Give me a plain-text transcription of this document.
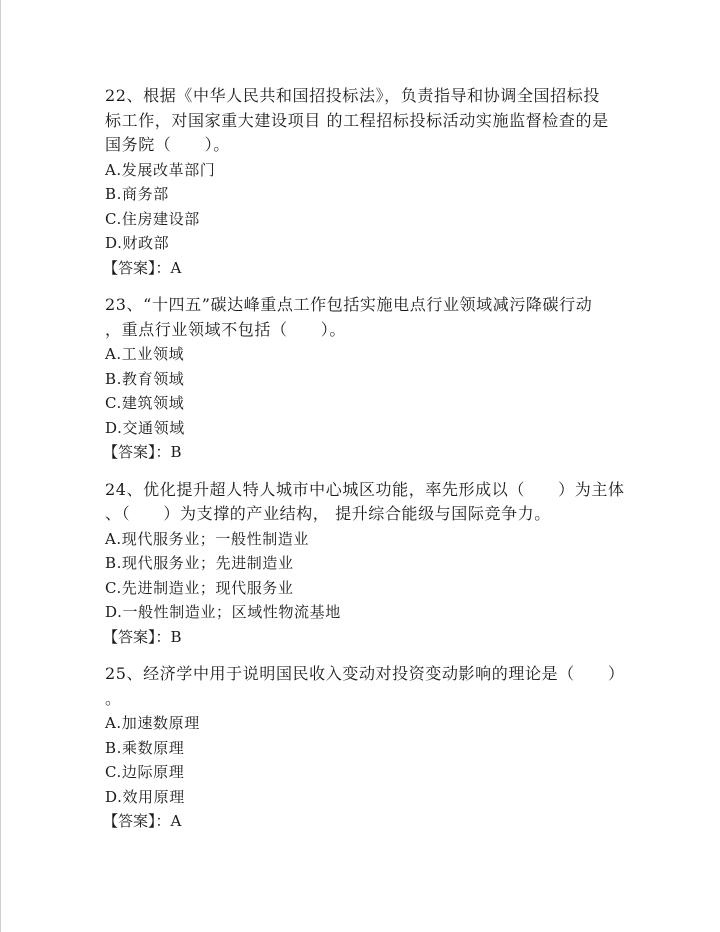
22、根据《中华人民共和国招投标法》，负责指导和协调全国招标投
标工作，对国家重大建设项目 的工程招标投标活动实施监督检查的是
国务院（　　）。
A.发展改革部门
B.商务部
C.住房建设部
D.财政部
【答案】：A
23、“十四五”碳达峰重点工作包括实施电点行业领域减污降碳行动
，重点行业领域不包括（　　）。
A.工业领域
B.教育领域
C.建筑领域
D.交通领域
【答案】：B
24、优化提升超人特人城市中心城区功能，率先形成以（　　）为主体
、（　　）为支撑的产业结构， 提升综合能级与国际竞争力。
A.现代服务业；一般性制造业
B.现代服务业；先进制造业
C.先进制造业；现代服务业
D.一般性制造业；区域性物流基地
【答案】：B
25、经济学中用于说明国民收入变动对投资变动影响的理论是（　　）
。
A.加速数原理
B.乘数原理
C.边际原理
D.效用原理
【答案】：A
